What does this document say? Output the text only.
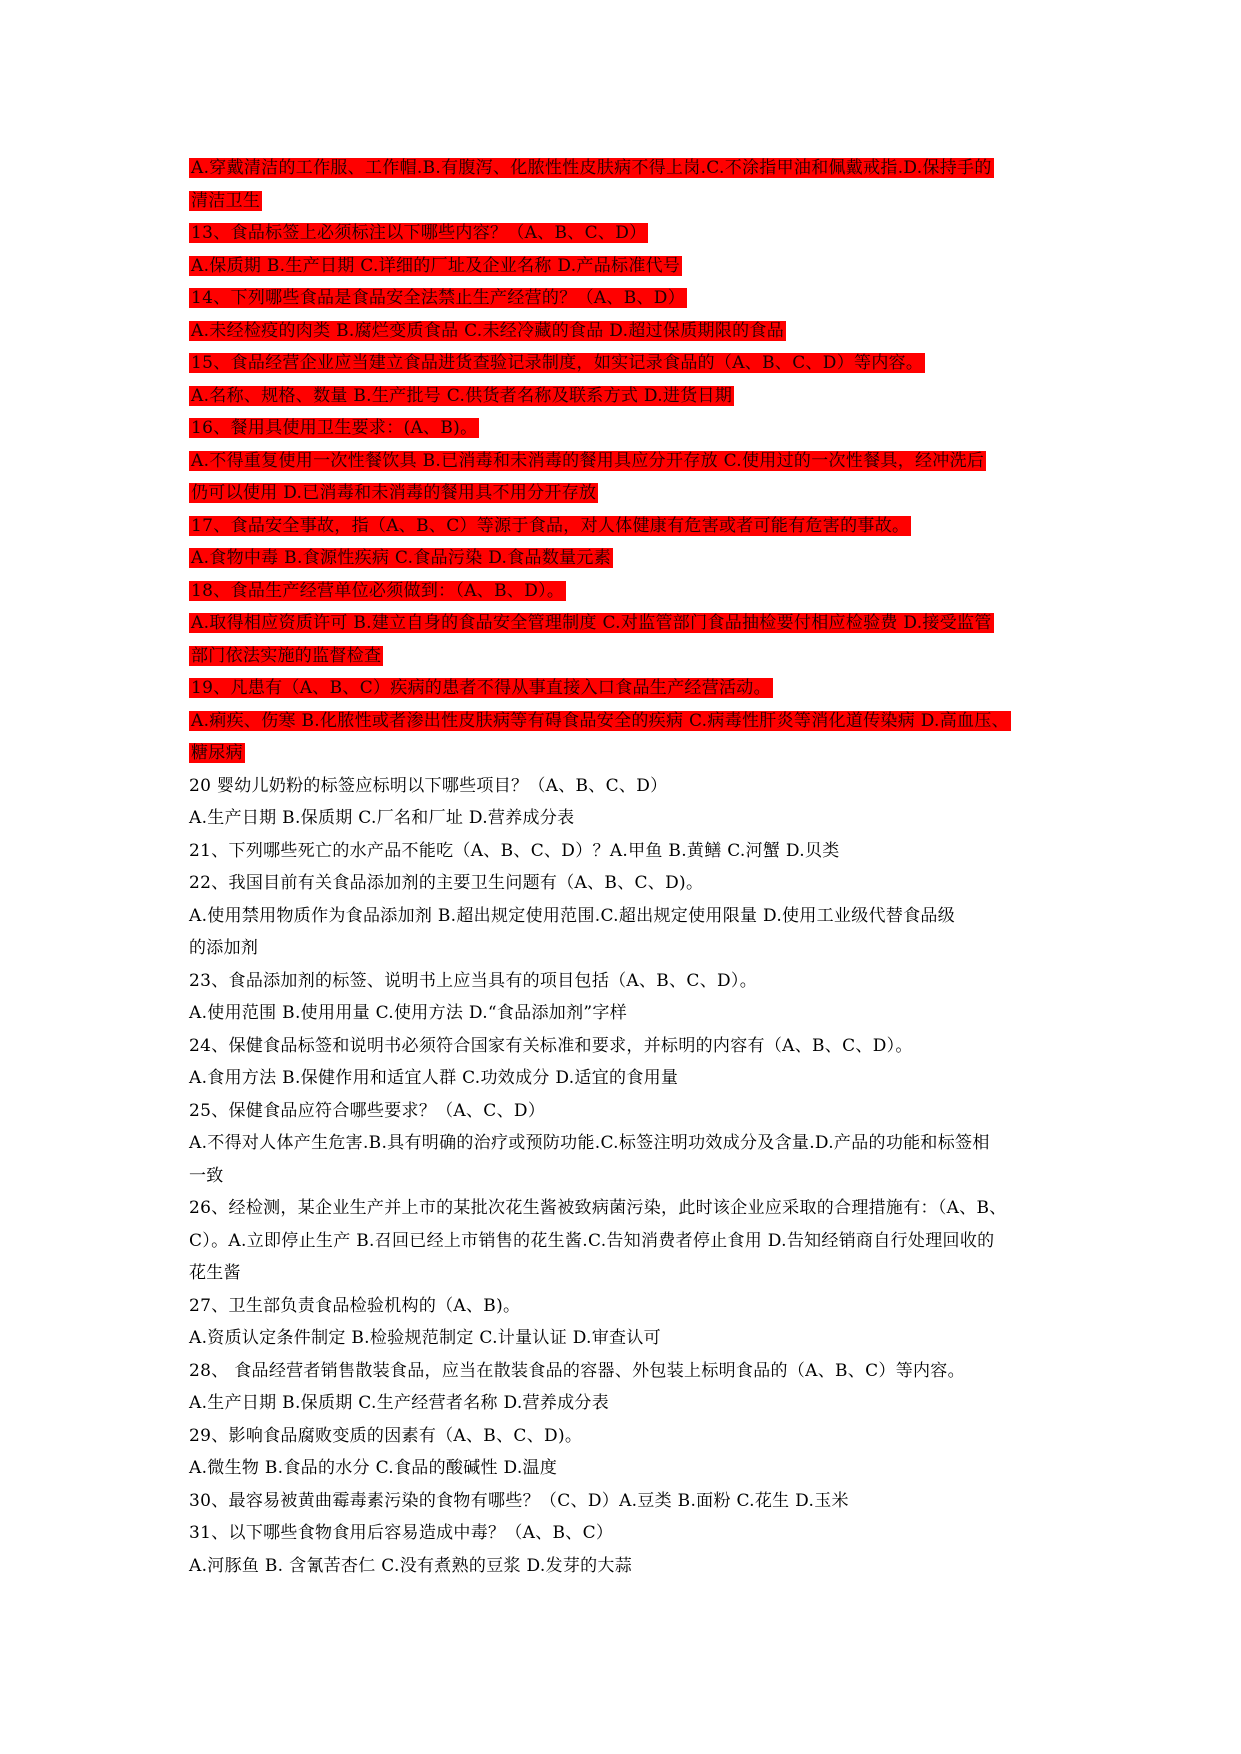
A.穿戴清洁的工作服、工作帽.B.有腹泻、化脓性性皮肤病不得上岗.C.不涂指甲油和佩戴戒指.D.保持手的
清洁卫生
13、食品标签上必须标注以下哪些内容？（A、B、C、D）
A.保质期 B.生产日期 C.详细的厂址及企业名称 D.产品标准代号
14、下列哪些食品是食品安全法禁止生产经营的？（A、B、D）
A.未经检疫的肉类 B.腐烂变质食品 C.未经冷藏的食品 D.超过保质期限的食品
15、食品经营企业应当建立食品进货查验记录制度，如实记录食品的（A、B、C、D）等内容。
A.名称、规格、数量 B.生产批号 C.供货者名称及联系方式 D.进货日期
16、餐用具使用卫生要求：(A、B)。
A.不得重复使用一次性餐饮具 B.已消毒和未消毒的餐用具应分开存放 C.使用过的一次性餐具，经冲洗后
仍可以使用 D.已消毒和未消毒的餐用具不用分开存放
17、食品安全事故，指（A、B、C）等源于食品，对人体健康有危害或者可能有危害的事故。
A.食物中毒 B.食源性疾病 C.食品污染 D.食品数量元素
18、食品生产经营单位必须做到：（A、B、D）。
A.取得相应资质许可 B.建立自身的食品安全管理制度 C.对监管部门食品抽检要付相应检验费 D.接受监管
部门依法实施的监督检查
19、凡患有（A、B、C）疾病的患者不得从事直接入口食品生产经营活动。
A.痢疾、伤寒 B.化脓性或者渗出性皮肤病等有碍食品安全的疾病 C.病毒性肝炎等消化道传染病 D.高血压、
糖尿病
20 婴幼儿奶粉的标签应标明以下哪些项目？（A、B、C、D）
A.生产日期 B.保质期 C.厂名和厂址 D.营养成分表
21、下列哪些死亡的水产品不能吃（A、B、C、D）？A.甲鱼 B.黄鳝 C.河蟹 D.贝类
22、我国目前有关食品添加剂的主要卫生问题有（A、B、C、D)。
A.使用禁用物质作为食品添加剂 B.超出规定使用范围.C.超出规定使用限量 D.使用工业级代替食品级
的添加剂
23、食品添加剂的标签、说明书上应当具有的项目包括（A、B、C、D）。
A.使用范围 B.使用用量 C.使用方法 D.“食品添加剂”字样
24、保健食品标签和说明书必须符合国家有关标准和要求，并标明的内容有（A、B、C、D）。
A.食用方法 B.保健作用和适宜人群 C.功效成分 D.适宜的食用量
25、保健食品应符合哪些要求？（A、C、D）
A.不得对人体产生危害.B.具有明确的治疗或预防功能.C.标签注明功效成分及含量.D.产品的功能和标签相
一致
26、经检测，某企业生产并上市的某批次花生酱被致病菌污染，此时该企业应采取的合理措施有：（A、B、
C）。A.立即停止生产 B.召回已经上市销售的花生酱.C.告知消费者停止食用 D.告知经销商自行处理回收的
花生酱
27、卫生部负责食品检验机构的（A、B)。
A.资质认定条件制定 B.检验规范制定 C.计量认证 D.审查认可
28、 食品经营者销售散装食品，应当在散装食品的容器、外包装上标明食品的（A、B、C）等内容。
A.生产日期 B.保质期 C.生产经营者名称 D.营养成分表
29、影响食品腐败变质的因素有（A、B、C、D)。
A.微生物 B.食品的水分 C.食品的酸碱性 D.温度
30、最容易被黄曲霉毒素污染的食物有哪些？（C、D）A.豆类 B.面粉 C.花生 D.玉米
31、以下哪些食物食用后容易造成中毒？（A、B、C）
A.河豚鱼 B. 含氰苦杏仁 C.没有煮熟的豆浆 D.发芽的大蒜
